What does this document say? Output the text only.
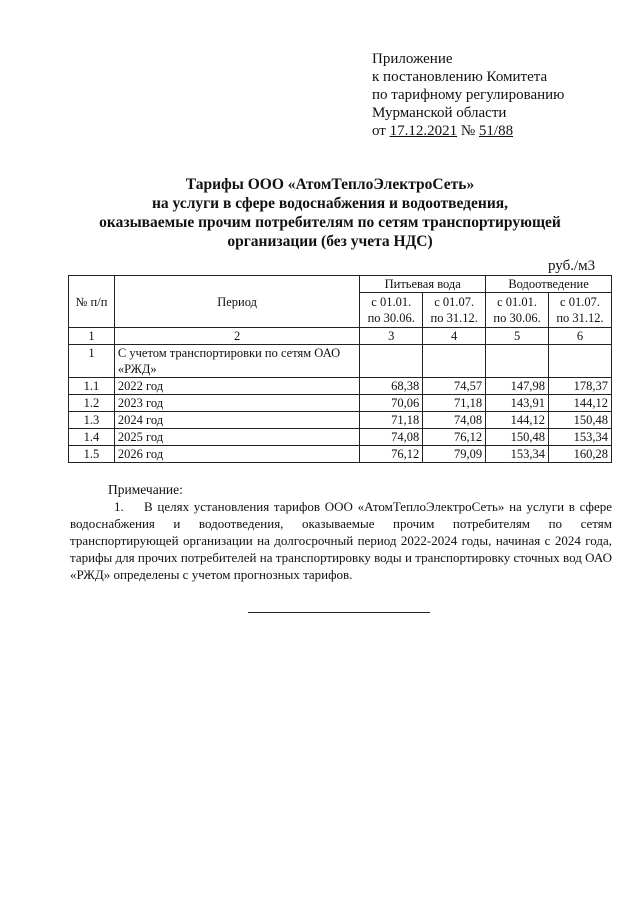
Приложение
к постановлению Комитета
по тарифному регулированию
Мурманской области
от 17.12.2021 № 51/88
Тарифы ООО «АтомТеплоЭлектроСеть»
на услуги в сфере водоснабжения и водоотведения,
оказываемые прочим потребителям по сетям транспортирующей
организации (без учета НДС)
руб./м3
№ п/п	Период	Питьевая вода		Водоотведение	
		с 01.01. по 30.06.	с 01.07. по 31.12.	с 01.01. по 30.06.	с 01.07. по 31.12.
1	2	3	4	5	6
1	С учетом транспортировки по сетям ОАО «РЖД»				
1.1	2022 год	68,38	74,57	147,98	178,37
1.2	2023 год	70,06	71,18	143,91	144,12
1.3	2024 год	71,18	74,08	144,12	150,48
1.4	2025 год	74,08	76,12	150,48	153,34
1.5	2026 год	76,12	79,09	153,34	160,28
Примечание:
1. В целях установления тарифов ООО «АтомТеплоЭлектроСеть» на услуги в сфере водоснабжения и водоотведения, оказываемые прочим потребителям по сетям транспортирующей организации на долгосрочный период 2022-2024 годы, начиная с 2024 года, тарифы для прочих потребителей на транспортировку воды и транспортировку сточных вод ОАО «РЖД» определены с учетом прогнозных тарифов.
